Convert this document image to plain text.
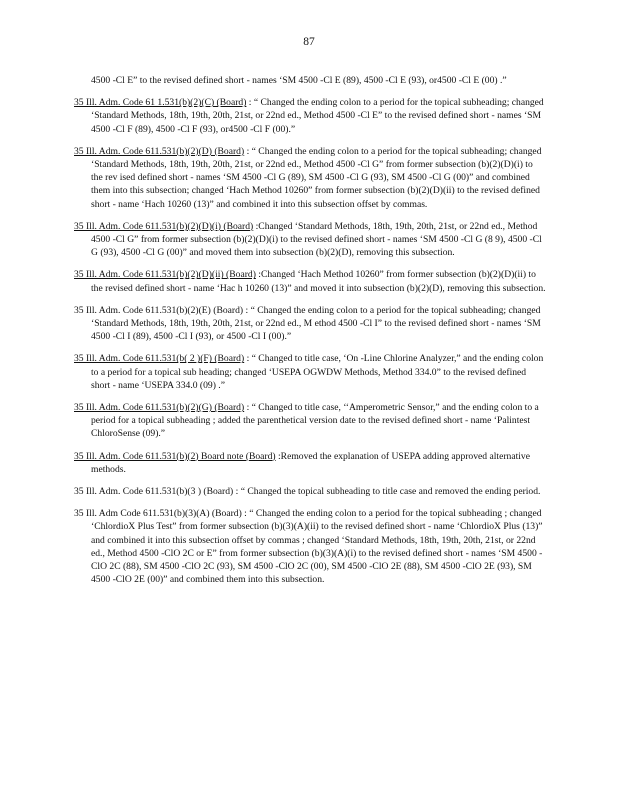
87

4500 -Cl E” to the revised defined short - names ‘SM 4500 -Cl E (89), 4500 -Cl E (93), or4500 -Cl E (00) .”

35 Ill. Adm. Code 61 1.531(b)(2)(C) (Board) : “ Changed the ending colon to a period for the topical subheading; changed ‘Standard Methods, 18th, 19th, 20th, 21st, or 22nd ed., Method 4500 -Cl E” to the revised defined short - names ‘SM 4500 -Cl F (89), 4500 -Cl F (93), or4500 -Cl F (00).”

35 Ill. Adm. Code 611.531(b)(2)(D) (Board) : “ Changed the ending colon to a period for the topical subheading; changed ‘Standard Methods, 18th, 19th, 20th, 21st, or 22nd ed., Method 4500 -Cl G” from former subsection (b)(2)(D)(i) to the rev ised defined short - names ‘SM 4500 -Cl G (89), SM 4500 -Cl G (93), SM 4500 -Cl G (00)” and combined them into this subsection; changed ‘Hach Method 10260” from former subsection (b)(2)(D)(ii) to the revised defined short - name ‘Hach 10260 (13)” and combined it into this subsection offset by commas.

35 Ill. Adm. Code 611.531(b)(2)(D)(i) (Board) :Changed ‘Standard Methods, 18th, 19th, 20th, 21st, or 22nd ed., Method 4500 -Cl G” from former subsection (b)(2)(D)(i) to the revised defined short - names ‘SM 4500 -Cl G (8 9), 4500 -Cl G (93), 4500 -Cl G (00)” and moved them into subsection (b)(2)(D), removing this subsection.

35 Ill. Adm. Code 611.531(b)(2)(D)(ii) (Board) :Changed ‘Hach Method 10260” from former subsection (b)(2)(D)(ii) to the revised defined short - name ‘Hac h 10260 (13)” and moved it into subsection (b)(2)(D), removing this subsection.

35 Ill. Adm. Code 611.531(b)(2)(E) (Board) : “ Changed the ending colon to a period for the topical subheading; changed ‘Standard Methods, 18th, 19th, 20th, 21st, or 22nd ed., M ethod 4500 -Cl I” to the revised defined short - names ‘SM 4500 -Cl I (89), 4500 -Cl I (93), or 4500 -Cl I (00).”

35 Ill. Adm. Code 611.531(b( 2 )(F) (Board) : “ Changed to title case, ‘On -Line Chlorine Analyzer,” and the ending colon to a period for a topical sub heading; changed ‘USEPA OGWDW Methods, Method 334.0” to the revised defined short - name ‘USEPA 334.0 (09) .”

35 Ill. Adm. Code 611.531(b)(2)(G) (Board) : “ Changed to title case, ‘‘Amperometric Sensor,” and the ending colon to a period for a topical subheading ; added the parenthetical version date to the revised defined short - name ‘Palintest ChloroSense (09).”

35 Ill. Adm. Code 611.531(b)(2) Board note (Board) :Removed the explanation of USEPA adding approved alternative methods.

35 Ill. Adm. Code 611.531(b)(3 ) (Board) : “ Changed the topical subheading to title case and removed the ending period.

35 Ill. Adm Code 611.531(b)(3)(A) (Board) : “ Changed the ending colon to a period for the topical subheading ; changed ‘ChlordioX Plus Test” from former subsection (b)(3)(A)(ii) to the revised defined short - name ‘ChlordioX Plus (13)” and combined it into this subsection offset by commas ; changed ‘Standard Methods, 18th, 19th, 20th, 21st, or 22nd ed., Method 4500 -ClO 2C or E” from former subsection (b)(3)(A)(i) to the revised defined short - names ‘SM 4500 -ClO 2C (88), SM 4500 -ClO 2C (93), SM 4500 -ClO 2C (00), SM 4500 -ClO 2E (88), SM 4500 -ClO 2E (93), SM 4500 -ClO 2E (00)” and combined them into this subsection.
